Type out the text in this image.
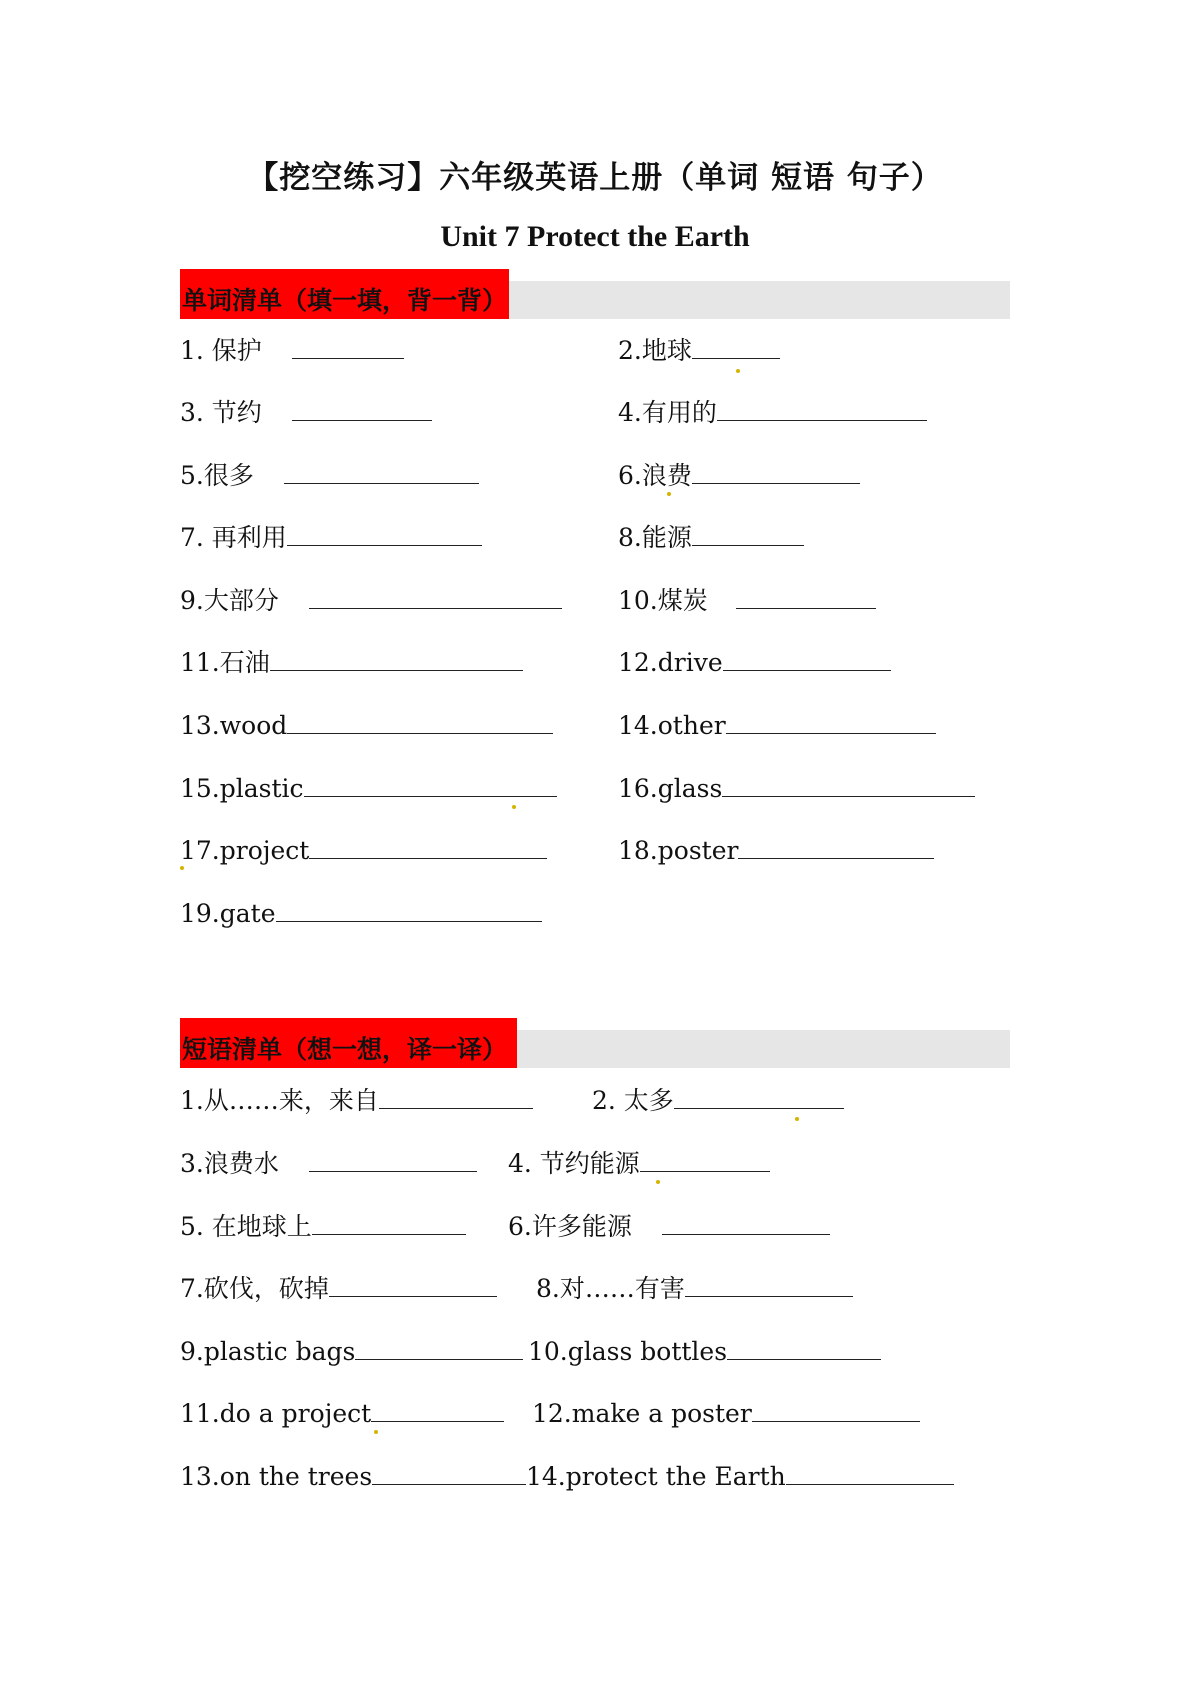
【挖空练习】六年级英语上册（单词 短语 句子）
Unit 7 Protect the Earth
单词清单（填一填，背一背）
1. 保护	2.地球
3. 节约	4.有用的
5.很多	6.浪费
7. 再利用	8.能源
9.大部分	10.煤炭
11.石油	12.drive
13.wood	14.other
15.plastic	16.glass
17.project	18.poster
19.gate
短语清单（想一想，译一译）
1.从……来，来自	2. 太多
3.浪费水	4. 节约能源
5. 在地球上	6.许多能源
7.砍伐，砍掉	8.对……有害
9.plastic bags	10.glass bottles
11.do a project	12.make a poster
13.on the trees	14.protect the Earth
